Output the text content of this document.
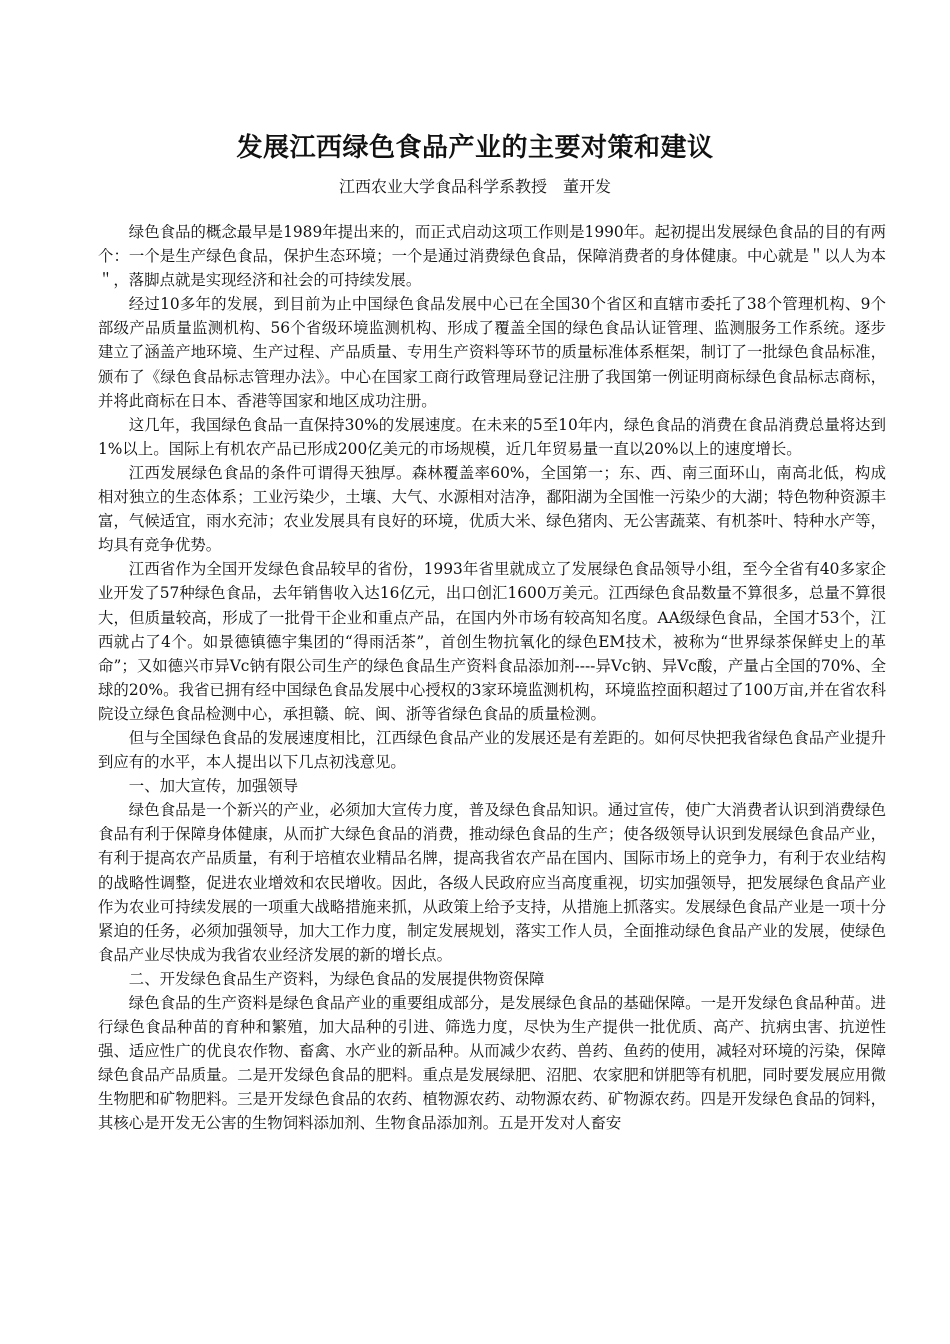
发展江西绿色食品产业的主要对策和建议
江西农业大学食品科学系教授　董开发

绿色食品的概念最早是1989年提出来的，而正式启动这项工作则是1990年。起初提出发展绿色食品的目的有两个：一个是生产绿色食品，保护生态环境；一个是通过消费绿色食品，保障消费者的身体健康。中心就是＂以人为本＂，落脚点就是实现经济和社会的可持续发展。

经过10多年的发展，到目前为止中国绿色食品发展中心已在全国30个省区和直辖市委托了38个管理机构、9个部级产品质量监测机构、56个省级环境监测机构、形成了覆盖全国的绿色食品认证管理、监测服务工作系统。逐步建立了涵盖产地环境、生产过程、产品质量、专用生产资料等环节的质量标准体系框架，制订了一批绿色食品标准，颁布了《绿色食品标志管理办法》。中心在国家工商行政管理局登记注册了我国第一例证明商标绿色食品标志商标，并将此商标在日本、香港等国家和地区成功注册。

这几年，我国绿色食品一直保持30%的发展速度。在未来的5至10年内，绿色食品的消费在食品消费总量将达到1%以上。国际上有机农产品已形成200亿美元的市场规模，近几年贸易量一直以20%以上的速度增长。

江西发展绿色食品的条件可谓得天独厚。森林覆盖率60%，全国第一；东、西、南三面环山，南高北低，构成相对独立的生态体系；工业污染少，土壤、大气、水源相对洁净，鄱阳湖为全国惟一污染少的大湖；特色物种资源丰富，气候适宜，雨水充沛；农业发展具有良好的环境，优质大米、绿色猪肉、无公害蔬菜、有机茶叶、特种水产等，均具有竞争优势。

江西省作为全国开发绿色食品较早的省份，1993年省里就成立了发展绿色食品领导小组，至今全省有40多家企业开发了57种绿色食品，去年销售收入达16亿元，出口创汇1600万美元。江西绿色食品数量不算很多，总量不算很大，但质量较高，形成了一批骨干企业和重点产品，在国内外市场有较高知名度。AA级绿色食品，全国才53个，江西就占了4个。如景德镇德宇集团的“得雨活茶”，首创生物抗氧化的绿色EM技术，被称为“世界绿茶保鲜史上的革命”；又如德兴市异Vc钠有限公司生产的绿色食品生产资料食品添加剂----异Vc钠、异Vc酸，产量占全国的70%、全球的20%。我省已拥有经中国绿色食品发展中心授权的3家环境监测机构，环境监控面积超过了100万亩,并在省农科院设立绿色食品检测中心，承担赣、皖、闽、浙等省绿色食品的质量检测。

但与全国绿色食品的发展速度相比，江西绿色食品产业的发展还是有差距的。如何尽快把我省绿色食品产业提升到应有的水平，本人提出以下几点初浅意见。

一、加大宣传，加强领导

绿色食品是一个新兴的产业，必须加大宣传力度，普及绿色食品知识。通过宣传，使广大消费者认识到消费绿色食品有利于保障身体健康，从而扩大绿色食品的消费，推动绿色食品的生产；使各级领导认识到发展绿色食品产业，有利于提高农产品质量，有利于培植农业精品名牌，提高我省农产品在国内、国际市场上的竞争力，有利于农业结构的战略性调整，促进农业增效和农民增收。因此，各级人民政府应当高度重视，切实加强领导，把发展绿色食品产业作为农业可持续发展的一项重大战略措施来抓，从政策上给予支持，从措施上抓落实。发展绿色食品产业是一项十分紧迫的任务，必须加强领导，加大工作力度，制定发展规划，落实工作人员，全面推动绿色食品产业的发展，使绿色食品产业尽快成为我省农业经济发展的新的增长点。

二、开发绿色食品生产资料，为绿色食品的发展提供物资保障

绿色食品的生产资料是绿色食品产业的重要组成部分，是发展绿色食品的基础保障。一是开发绿色食品种苗。进行绿色食品种苗的育种和繁殖，加大品种的引进、筛选力度，尽快为生产提供一批优质、高产、抗病虫害、抗逆性强、适应性广的优良农作物、畜禽、水产业的新品种。从而减少农药、兽药、鱼药的使用，减轻对环境的污染，保障绿色食品产品质量。二是开发绿色食品的肥料。重点是发展绿肥、沼肥、农家肥和饼肥等有机肥，同时要发展应用微生物肥和矿物肥料。三是开发绿色食品的农药、植物源农药、动物源农药、矿物源农药。四是开发绿色食品的饲料，其核心是开发无公害的生物饲料添加剂、生物食品添加剂。五是开发对人畜安
